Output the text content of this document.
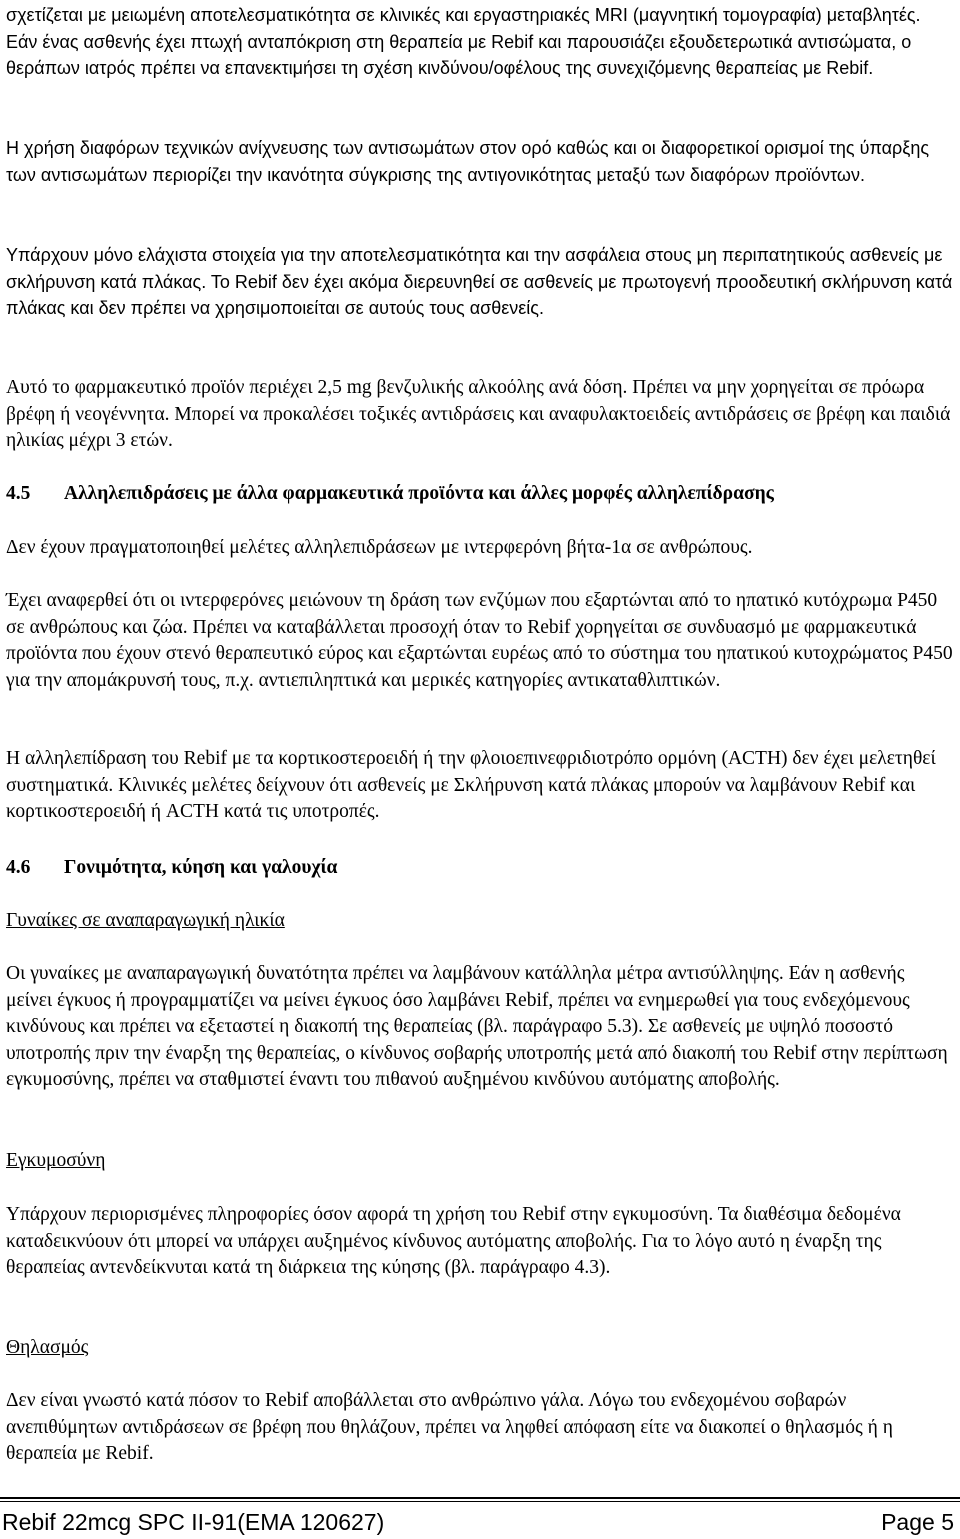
σχετίζεται με μειωμένη αποτελεσματικότητα σε κλινικές και εργαστηριακές MRI (μαγνητική τομογραφία) μεταβλητές. Εάν ένας ασθενής έχει πτωχή ανταπόκριση στη θεραπεία με Rebif και παρουσιάζει εξουδετερωτικά αντισώματα, ο θεράπων ιατρός πρέπει να επανεκτιμήσει τη σχέση κινδύνου/οφέλους της συνεχιζόμενης θεραπείας με Rebif.

Η χρήση διαφόρων τεχνικών ανίχνευσης των αντισωμάτων στον ορό καθώς και οι διαφορετικοί ορισμοί της ύπαρξης των αντισωμάτων περιορίζει την ικανότητα σύγκρισης της αντιγονικότητας μεταξύ των διαφόρων προϊόντων.

Υπάρχουν μόνο ελάχιστα στοιχεία για την αποτελεσματικότητα και την ασφάλεια στους μη περιπατητικούς ασθενείς με σκλήρυνση κατά πλάκας. Το Rebif δεν έχει ακόμα διερευνηθεί σε ασθενείς με πρωτογενή προοδευτική σκλήρυνση κατά πλάκας και δεν πρέπει να χρησιμοποιείται σε αυτούς τους ασθενείς.

Αυτό το φαρμακευτικό προϊόν περιέχει 2,5 mg βενζυλικής αλκοόλης ανά δόση. Πρέπει να μην χορηγείται σε πρόωρα βρέφη ή νεογέννητα. Μπορεί να προκαλέσει τοξικές αντιδράσεις και αναφυλακτοειδείς αντιδράσεις σε βρέφη και παιδιά ηλικίας μέχρι 3 ετών.

4.5 Αλληλεπιδράσεις με άλλα φαρμακευτικά προϊόντα και άλλες μορφές αλληλεπίδρασης

Δεν έχουν πραγματοποιηθεί μελέτες αλληλεπιδράσεων με ιντερφερόνη βήτα-1α σε ανθρώπους.

Έχει αναφερθεί ότι οι ιντερφερόνες μειώνουν τη δράση των ενζύμων που εξαρτώνται από το ηπατικό κυτόχρωμα P450 σε ανθρώπους και ζώα. Πρέπει να καταβάλλεται προσοχή όταν το Rebif χορηγείται σε συνδυασμό με φαρμακευτικά προϊόντα που έχουν στενό θεραπευτικό εύρος και εξαρτώνται ευρέως από το σύστημα του ηπατικού κυτοχρώματος P450 για την απομάκρυνσή τους, π.χ. αντιεπιληπτικά και μερικές κατηγορίες αντικαταθλιπτικών.

Η αλληλεπίδραση του Rebif με τα κορτικοστεροειδή ή την φλοιοεπινεφριδιοτρόπο ορμόνη (ACTH) δεν έχει μελετηθεί συστηματικά. Κλινικές μελέτες δείχνουν ότι ασθενείς με Σκλήρυνση κατά πλάκας μπορούν να λαμβάνουν Rebif και κορτικοστεροειδή ή ACTH κατά τις υποτροπές.

4.6 Γονιμότητα, κύηση και γαλουχία

Γυναίκες σε αναπαραγωγική ηλικία

Οι γυναίκες με αναπαραγωγική δυνατότητα πρέπει να λαμβάνουν κατάλληλα μέτρα αντισύλληψης. Εάν η ασθενής μείνει έγκυος ή προγραμματίζει να μείνει έγκυος όσο λαμβάνει Rebif, πρέπει να ενημερωθεί για τους ενδεχόμενους κινδύνους και πρέπει να εξεταστεί η διακοπή της θεραπείας (βλ. παράγραφο 5.3). Σε ασθενείς με υψηλό ποσοστό υποτροπής πριν την έναρξη της θεραπείας, ο κίνδυνος σοβαρής υποτροπής μετά από διακοπή του Rebif στην περίπτωση εγκυμοσύνης, πρέπει να σταθμιστεί έναντι του πιθανού αυξημένου κινδύνου αυτόματης αποβολής.

Εγκυμοσύνη

Υπάρχουν περιορισμένες πληροφορίες όσον αφορά τη χρήση του Rebif στην εγκυμοσύνη. Τα διαθέσιμα δεδομένα καταδεικνύουν ότι μπορεί να υπάρχει αυξημένος κίνδυνος αυτόματης αποβολής. Για το λόγο αυτό η έναρξη της θεραπείας αντενδείκνυται κατά τη διάρκεια της κύησης (βλ. παράγραφο 4.3).

Θηλασμός

Δεν είναι γνωστό κατά πόσον το Rebif αποβάλλεται στο ανθρώπινο γάλα. Λόγω του ενδεχομένου σοβαρών ανεπιθύμητων αντιδράσεων σε βρέφη που θηλάζουν, πρέπει να ληφθεί απόφαση είτε να διακοπεί ο θηλασμός ή η θεραπεία με Rebif.

Rebif 22mcg SPC II-91(EMA 120627)	Page 5
